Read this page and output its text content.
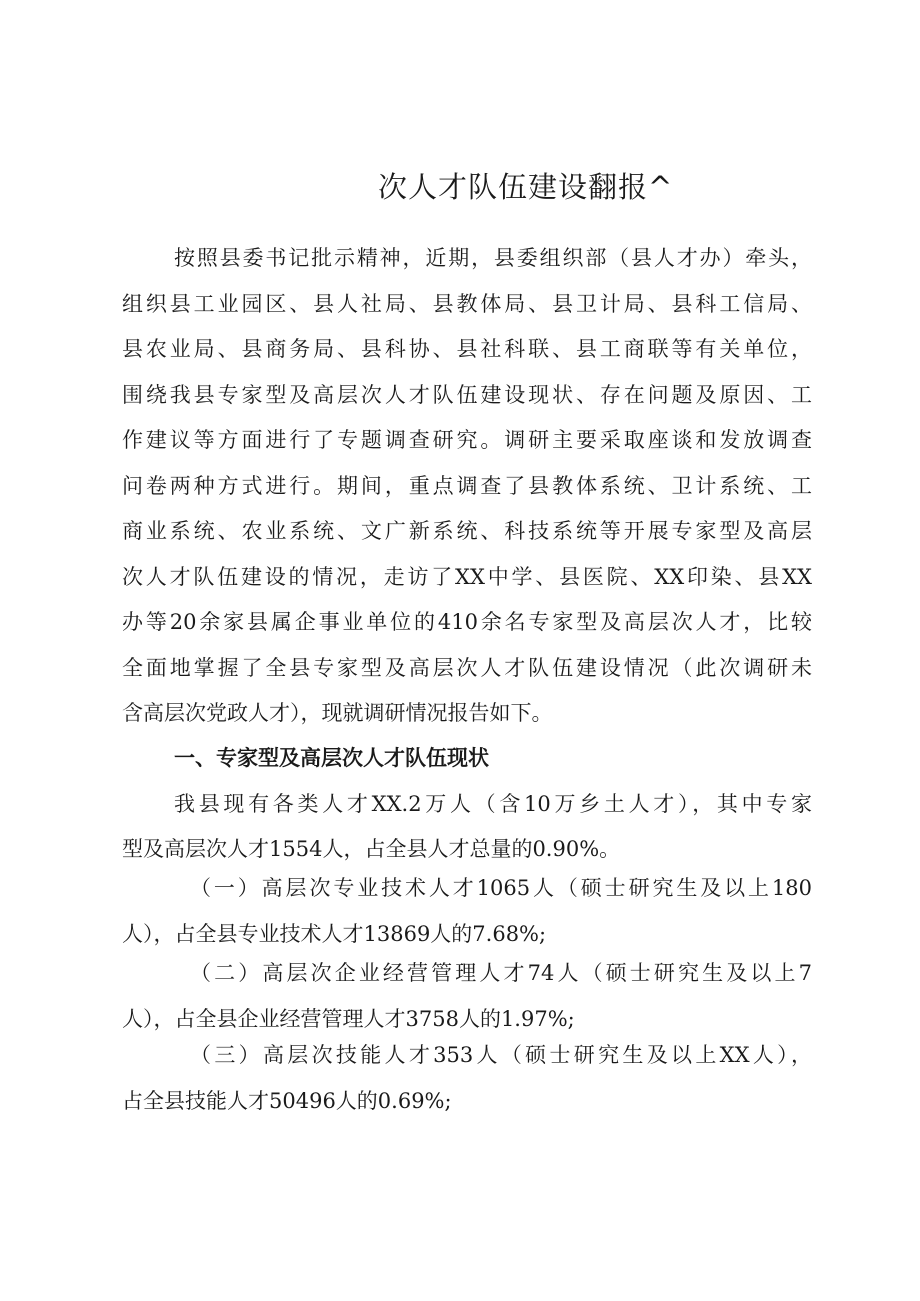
次人才队伍建设翻报^
按照县委书记批示精神，近期，县委组织部（县人才办）牵头，
组织县工业园区、县人社局、县教体局、县卫计局、县科工信局、
县农业局、县商务局、县科协、县社科联、县工商联等有关单位，
围绕我县专家型及高层次人才队伍建设现状、存在问题及原因、工
作建议等方面进行了专题调查研究。调研主要采取座谈和发放调查
问卷两种方式进行。期间，重点调查了县教体系统、卫计系统、工
商业系统、农业系统、文广新系统、科技系统等开展专家型及高层
次人才队伍建设的情况，走访了XX中学、县医院、XX印染、县XX
办等20余家县属企事业单位的410余名专家型及高层次人才，比较
全面地掌握了全县专家型及高层次人才队伍建设情况（此次调研未
含高层次党政人才），现就调研情况报告如下。
一、专家型及高层次人才队伍现状
我县现有各类人才XX.2万人（含10万乡土人才），其中专家
型及高层次人才1554人，占全县人才总量的0.90%。
（一）高层次专业技术人才1065人（硕士研究生及以上180
人），占全县专业技术人才13869人的7.68%;
（二）高层次企业经营管理人才74人（硕士研究生及以上7
人），占全县企业经营管理人才3758人的1.97%;
（三）高层次技能人才353人（硕士研究生及以上XX人），
占全县技能人才50496人的0.69%;
